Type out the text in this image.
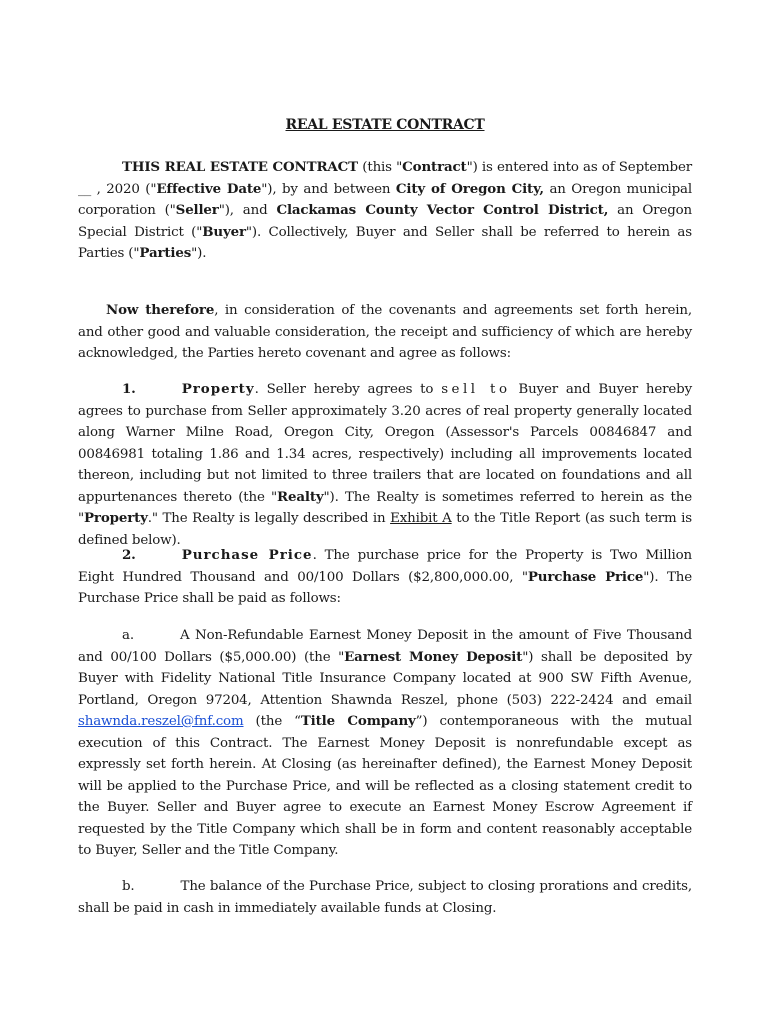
REAL ESTATE CONTRACT
THIS REAL ESTATE CONTRACT (this "Contract") is entered into as of September __ , 2020 ("Effective Date"), by and between City of Oregon City, an Oregon municipal corporation ("Seller"), and Clackamas County Vector Control District, an Oregon Special District ("Buyer"). Collectively, Buyer and Seller shall be referred to herein as Parties ("Parties").
Now therefore, in consideration of the covenants and agreements set forth herein, and other good and valuable consideration, the receipt and sufficiency of which are hereby acknowledged, the Parties hereto covenant and agree as follows:
1.	Property. Seller hereby agrees to sell to Buyer and Buyer hereby agrees to purchase from Seller approximately 3.20 acres of real property generally located along Warner Milne Road, Oregon City, Oregon (Assessor's Parcels 00846847 and 00846981 totaling 1.86 and 1.34 acres, respectively) including all improvements located thereon, including but not limited to three trailers that are located on foundations and all appurtenances thereto (the "Realty"). The Realty is sometimes referred to herein as the "Property." The Realty is legally described in Exhibit A to the Title Report (as such term is defined below).
2.	Purchase Price. The purchase price for the Property is Two Million Eight Hundred Thousand and 00/100 Dollars ($2,800,000.00, "Purchase Price"). The Purchase Price shall be paid as follows:
a.	A Non-Refundable Earnest Money Deposit in the amount of Five Thousand and 00/100 Dollars ($5,000.00) (the "Earnest Money Deposit") shall be deposited by Buyer with Fidelity National Title Insurance Company located at 900 SW Fifth Avenue, Portland, Oregon 97204, Attention Shawnda Reszel, phone (503) 222-2424 and email shawnda.reszel@fnf.com (the “Title Company”) contemporaneous with the mutual execution of this Contract. The Earnest Money Deposit is nonrefundable except as expressly set forth herein. At Closing (as hereinafter defined), the Earnest Money Deposit will be applied to the Purchase Price, and will be reflected as a closing statement credit to the Buyer. Seller and Buyer agree to execute an Earnest Money Escrow Agreement if requested by the Title Company which shall be in form and content reasonably acceptable to Buyer, Seller and the Title Company.
b.	The balance of the Purchase Price, subject to closing prorations and credits, shall be paid in cash in immediately available funds at Closing.
